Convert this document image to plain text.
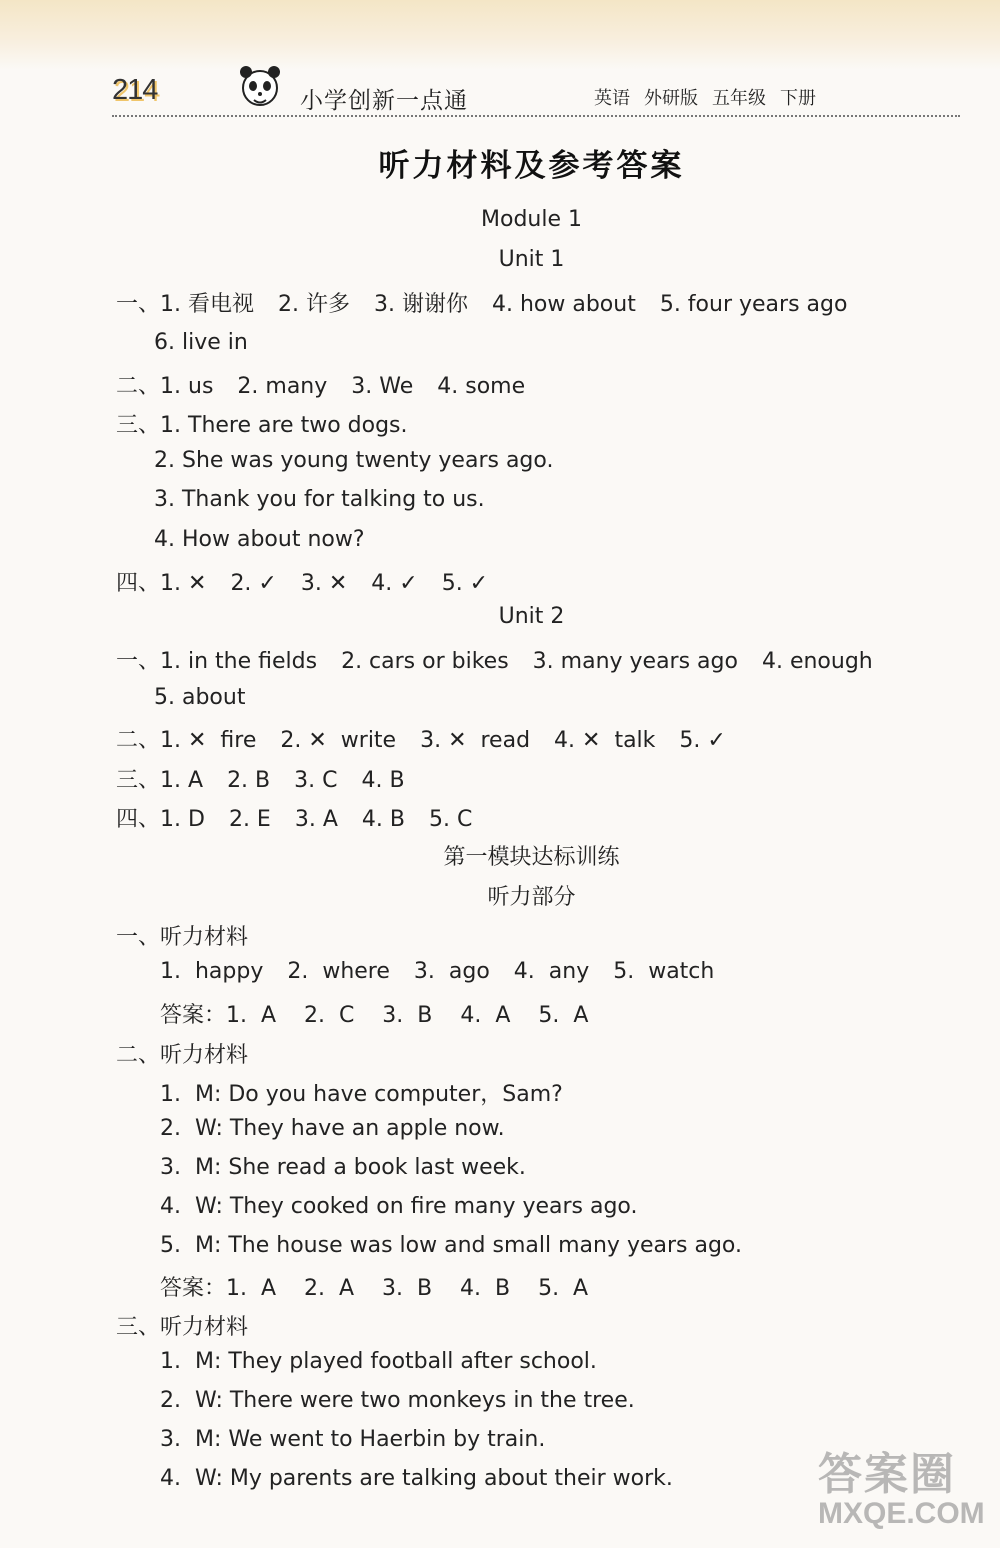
214	小学创新一点通	英语 外研版 五年级 下册
听力材料及参考答案
Module 1
Unit 1
一、1. 看电视 2. 许多 3. 谢谢你 4. how about 5. four years ago
6. live in
二、1. us 2. many 3. We 4. some
三、1. There are two dogs.
2. She was young twenty years ago.
3. Thank you for talking to us.
4. How about now?
四、1. ✕ 2. ✓ 3. ✕ 4. ✓ 5. ✓
Unit 2
一、1. in the fields 2. cars or bikes 3. many years ago 4. enough
5. about
二、1. ✕  fire 2. ✕  write 3. ✕  read 4. ✕  talk 5. ✓
三、1. A 2. B 3. C 4. B
四、1. D 2. E 3. A 4. B 5. C
第一模块达标训练
听力部分
一、听力材料
1.  happy 2.  where 3.  ago 4.  any 5.  watch
答案：1.  A    2.  C    3.  B    4.  A    5.  A
二、听力材料
1.  M: Do you have computer，Sam?
2.  W: They have an apple now.
3.  M: She read a book last week.
4.  W: They cooked on fire many years ago.
5.  M: The house was low and small many years ago.
答案：1.  A    2.  A    3.  B    4.  B    5.  A
三、听力材料
1.  M: They played football after school.
2.  W: There were two monkeys in the tree.
3.  M: We went to Haerbin by train.
4.  W: My parents are talking about their work.	答案圈
MXQE.COM
